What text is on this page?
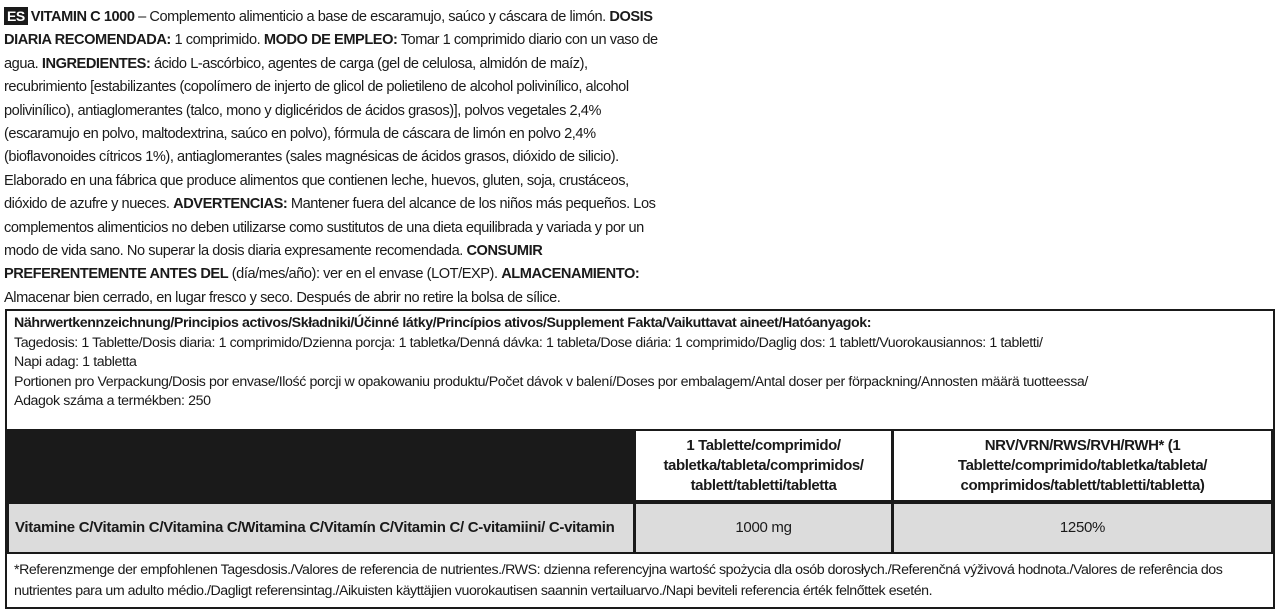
ES VITAMIN C 1000 – Complemento alimenticio a base de escaramujo, saúco y cáscara de limón. DOSIS DIARIA RECOMENDADA: 1 comprimido. MODO DE EMPLEO: Tomar 1 comprimido diario con un vaso de agua. INGREDIENTES: ácido L-ascórbico, agentes de carga (gel de celulosa, almidón de maíz), recubrimiento [estabilizantes (copolímero de injerto de glicol de polietileno de alcohol polivinílico, alcohol polivinílico), antiaglomerantes (talco, mono y diglicéridos de ácidos grasos)], polvos vegetales 2,4% (escaramujo en polvo, maltodextrina, saúco en polvo), fórmula de cáscara de limón en polvo 2,4% (bioflavonoides cítricos 1%), antiaglomerantes (sales magnésicas de ácidos grasos, dióxido de silicio). Elaborado en una fábrica que produce alimentos que contienen leche, huevos, gluten, soja, crustáceos, dióxido de azufre y nueces. ADVERTENCIAS: Mantener fuera del alcance de los niños más pequeños. Los complementos alimenticios no deben utilizarse como sustitutos de una dieta equilibrada y variada y por un modo de vida sano. No superar la dosis diaria expresamente recomendada. CONSUMIR PREFERENTEMENTE ANTES DEL (día/mes/año): ver en el envase (LOT/EXP). ALMACENAMIENTO: Almacenar bien cerrado, en lugar fresco y seco. Después de abrir no retire la bolsa de sílice.
Nährwertkennzeichnung/Principios activos/Składniki/Účinné látky/Princípios ativos/Supplement Fakta/Vaikuttavat aineet/Hatóanyagok:
Tagedosis: 1 Tablette/Dosis diaria: 1 comprimido/Dzienna porcja: 1 tabletka/Denná dávka: 1 tableta/Dose diária: 1 comprimido/Daglig dos: 1 tablett/Vuorokausiannos: 1 tabletti/
Napi adag: 1 tabletta
Portionen pro Verpackung/Dosis por envase/Ilość porcji w opakowaniu produktu/Počet dávok v balení/Doses por embalagem/Antal doser per förpackning/Annosten määrä tuotteessa/
Adagok száma a termékben: 250
1 Tablette/comprimido/ tabletka/tableta/comprimidos/ tablett/tabletti/tabletta
NRV/VRN/RWS/RVH/RWH* (1 Tablette/comprimido/tabletka/tableta/ comprimidos/tablett/tabletti/tabletta)
Vitamine C/Vitamin C/Vitamina C/Witamina C/Vitamín C/Vitamin C/ C-vitamiini/ C-vitamin	1000 mg	1250%
*Referenzmenge der empfohlenen Tagesdosis./Valores de referencia de nutrientes./RWS: dzienna referencyjna wartość spożycia dla osób dorosłych./Referenčná výživová hodnota./Valores de referência dos nutrientes para um adulto médio./Dagligt referensintag./Aikuisten käyttäjien vuorokautisen saannin vertailuarvo./Napi beviteli referencia érték felnőttek esetén.
